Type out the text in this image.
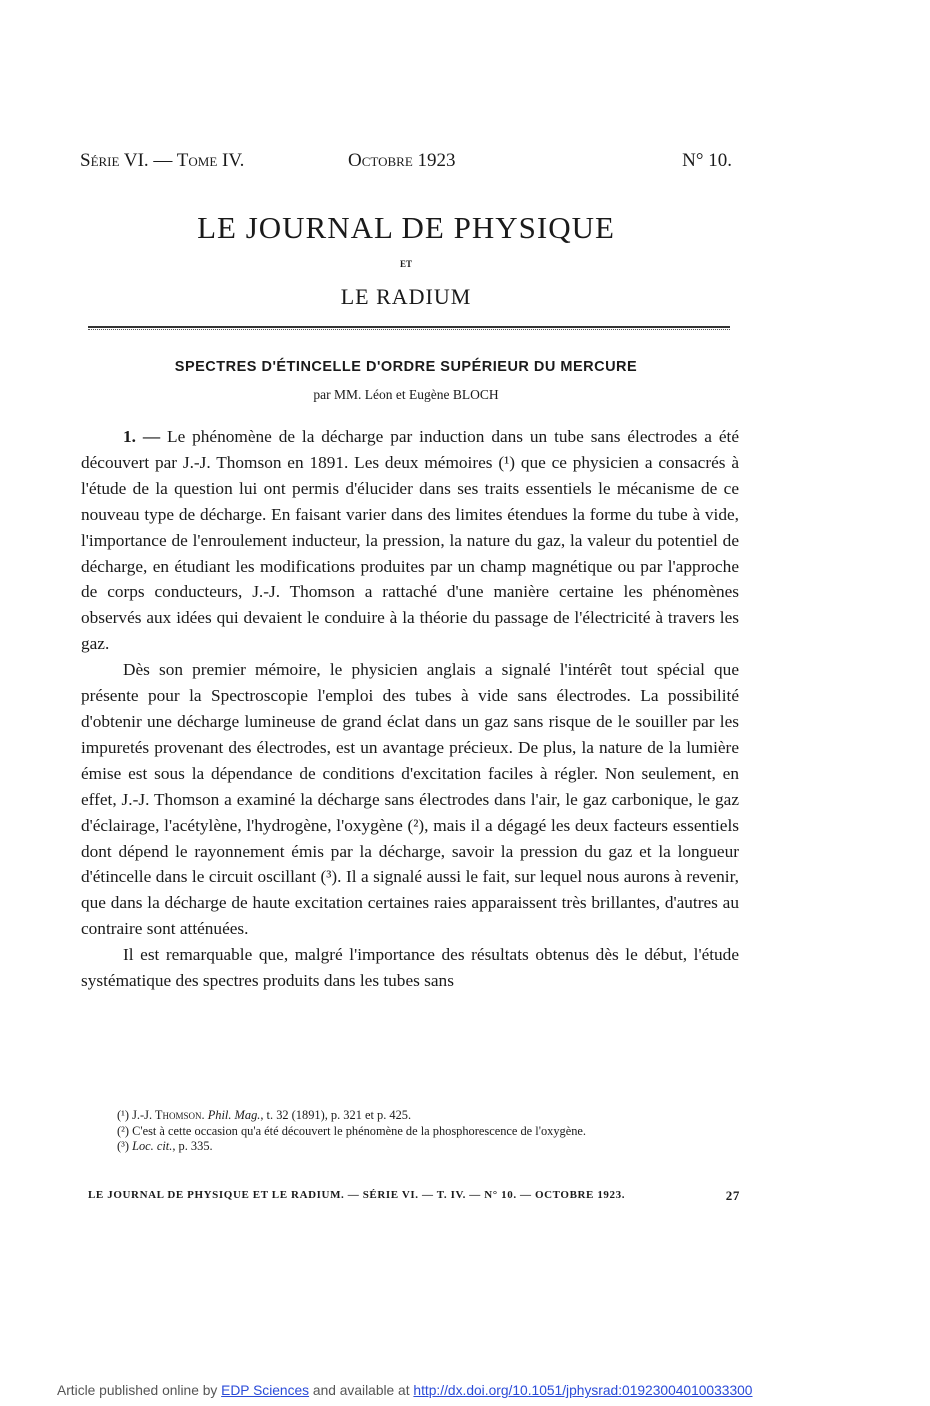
Série VI. — Tome IV.	Octobre 1923	N° 10.
LE JOURNAL DE PHYSIQUE
ET
LE RADIUM
SPECTRES D'ÉTINCELLE D'ORDRE SUPÉRIEUR DU MERCURE
par MM. Léon et Eugène BLOCH

1. — Le phénomène de la décharge par induction dans un tube sans électrodes a été découvert par J.-J. Thomson en 1891. Les deux mémoires (¹) que ce physicien a consacrés à l'étude de la question lui ont permis d'élucider dans ses traits essentiels le mécanisme de ce nouveau type de décharge. En faisant varier dans des limites étendues la forme du tube à vide, l'importance de l'enroulement inducteur, la pression, la nature du gaz, la valeur du potentiel de décharge, en étudiant les modifications produites par un champ magnétique ou par l'approche de corps conducteurs, J.-J. Thomson a rattaché d'une manière certaine les phénomènes observés aux idées qui devaient le conduire à la théorie du passage de l'électricité à travers les gaz.

Dès son premier mémoire, le physicien anglais a signalé l'intérêt tout spécial que présente pour la Spectroscopie l'emploi des tubes à vide sans électrodes. La possibilité d'obtenir une décharge lumineuse de grand éclat dans un gaz sans risque de le souiller par les impuretés provenant des électrodes, est un avantage précieux. De plus, la nature de la lumière émise est sous la dépendance de conditions d'excitation faciles à régler. Non seulement, en effet, J.-J. Thomson a examiné la décharge sans électrodes dans l'air, le gaz carbonique, le gaz d'éclairage, l'acétylène, l'hydrogène, l'oxygène (²), mais il a dégagé les deux facteurs essentiels dont dépend le rayonnement émis par la décharge, savoir la pression du gaz et la longueur d'étincelle dans le circuit oscillant (³). Il a signalé aussi le fait, sur lequel nous aurons à revenir, que dans la décharge de haute excitation certaines raies apparaissent très brillantes, d'autres au contraire sont atténuées.

Il est remarquable que, malgré l'importance des résultats obtenus dès le début, l'étude systématique des spectres produits dans les tubes sans

(¹) J.-J. Thomson. Phil. Mag., t. 32 (1891), p. 321 et p. 425.

(²) C'est à cette occasion qu'a été découvert le phénomène de la phosphorescence de l'oxygène.

(³) Loc. cit., p. 335.

LE JOURNAL DE PHYSIQUE ET LE RADIUM. — SÉRIE VI. — T. IV. — N° 10. — OCTOBRE 1923.	27
Article published online by EDP Sciences and available at http://dx.doi.org/10.1051/jphysrad:01923004010033300
